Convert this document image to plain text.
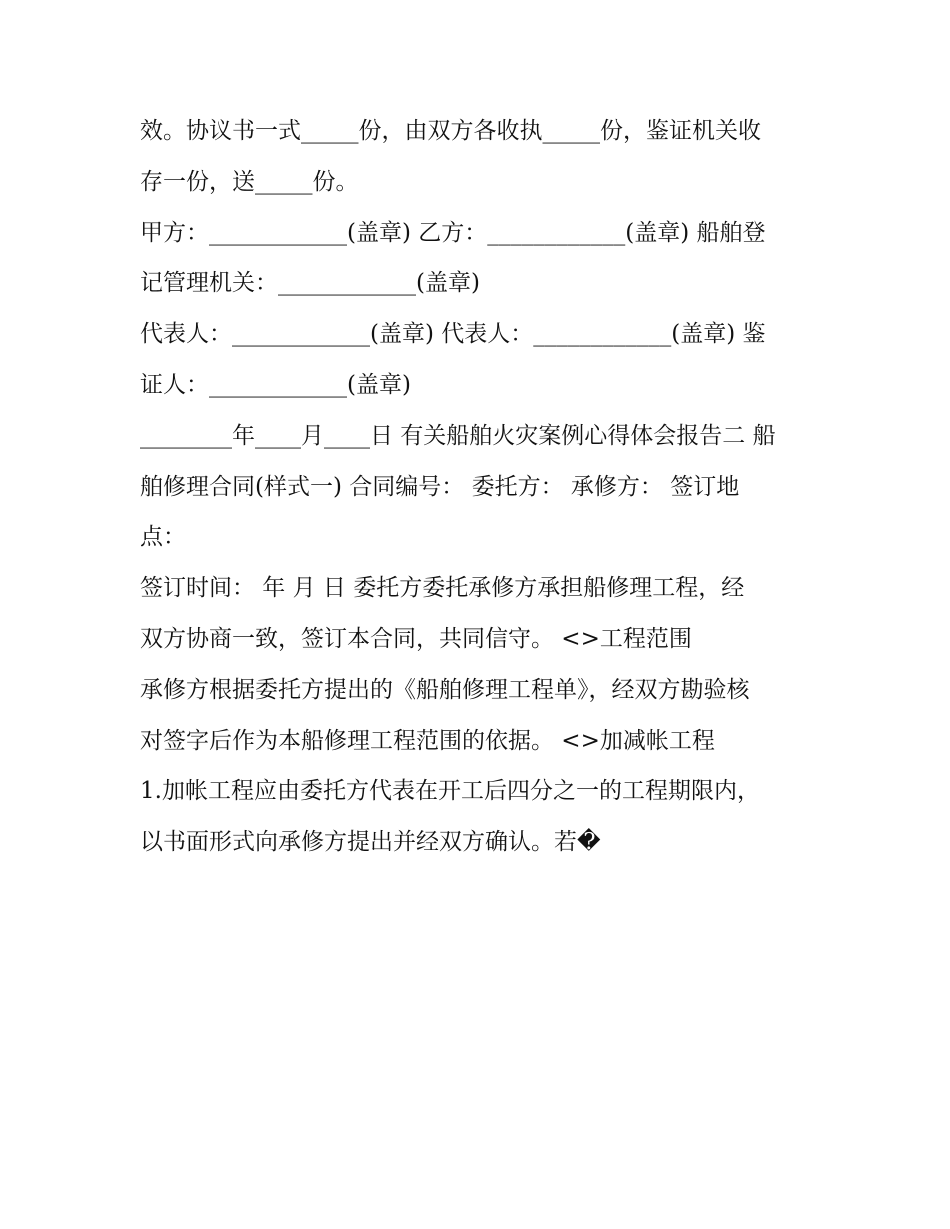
效。协议书一式_____份，由双方各收执_____份，鉴证机关收
存一份，送_____份。
甲方：____________(盖章) 乙方：____________(盖章) 船舶登
记管理机关：____________(盖章)
代表人：____________(盖章) 代表人：____________(盖章) 鉴
证人：____________(盖章)
________年____月____日 有关船舶火灾案例心得体会报告二 船
舶修理合同(样式一) 合同编号： 委托方： 承修方： 签订地
点：
签订时间： 年 月 日 委托方委托承修方承担船修理工程，经
双方协商一致，签订本合同，共同信守。 <>工程范围
承修方根据委托方提出的《船舶修理工程单》，经双方勘验核
对签字后作为本船修理工程范围的依据。 <>加减帐工程
1.加帐工程应由委托方代表在开工后四分之一的工程期限内，
以书面形式向承修方提出并经双方确认。若�
